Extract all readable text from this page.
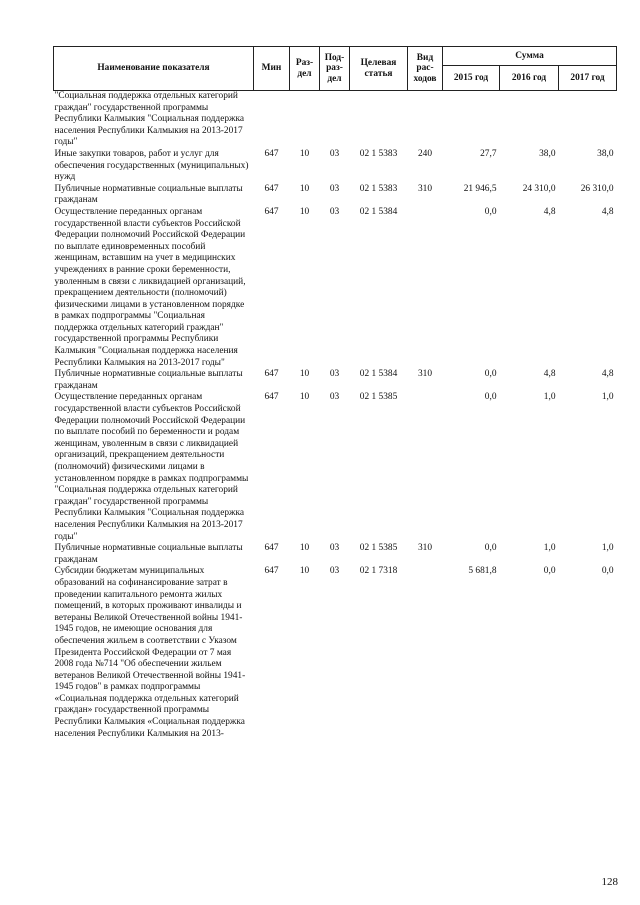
Наименование показателя	Мин	Раз-дел	Под-раз-дел	Целевая статья	Вид рас-ходов	Сумма		
						2015 год	2016 год	2017 год
"Социальная поддержка отдельных категорий граждан" государственной программы Республики Калмыкия "Социальная поддержка населения Республики Калмыкия на 2013-2017 годы"								
Иные закупки товаров, работ и услуг для обеспечения государственных (муниципальных) нужд	647	10	03	02 1 5383	240	27,7	38,0	38,0
Публичные нормативные социальные выплаты гражданам	647	10	03	02 1 5383	310	21 946,5	24 310,0	26 310,0
Осуществление переданных органам государственной власти субъектов Российской Федерации полномочий Российской Федерации по выплате единовременных пособий женщинам, вставшим на учет в медицинских учреждениях в ранние сроки беременности, уволенным в связи с ликвидацией организаций, прекращением деятельности (полномочий) физическими лицами в установленном порядке в рамках подпрограммы "Социальная поддержка отдельных категорий граждан" государственной программы Республики Калмыкия "Социальная поддержка населения Республики Калмыкия на 2013-2017 годы"	647	10	03	02 1 5384		0,0	4,8	4,8
Публичные нормативные социальные выплаты гражданам	647	10	03	02 1 5384	310	0,0	4,8	4,8
Осуществление переданных органам государственной власти субъектов Российской Федерации полномочий Российской Федерации по выплате пособий по беременности и родам женщинам, уволенным в связи с ликвидацией организаций, прекращением деятельности (полномочий) физическими лицами в установленном порядке в рамках подпрограммы "Социальная поддержка отдельных категорий граждан" государственной программы Республики Калмыкия "Социальная поддержка населения Республики Калмыкия на 2013-2017 годы"	647	10	03	02 1 5385		0,0	1,0	1,0
Публичные нормативные социальные выплаты гражданам	647	10	03	02 1 5385	310	0,0	1,0	1,0
Субсидии бюджетам муниципальных образований на софинансирование затрат в проведении капитального ремонта жилых помещений, в которых проживают инвалиды и ветераны Великой Отечественной войны 1941-1945 годов, не имеющие основания для обеспечения жильем в соответствии с Указом Президента Российской Федерации от 7 мая 2008 года №714 "Об обеспечении жильем ветеранов Великой Отечественной войны 1941-1945 годов" в рамках подпрограммы «Социальная поддержка отдельных категорий граждан» государственной программы Республики Калмыкия «Социальная поддержка населения Республики Калмыкия на 2013-	647	10	03	02 1 7318		5 681,8	0,0	0,0
128
